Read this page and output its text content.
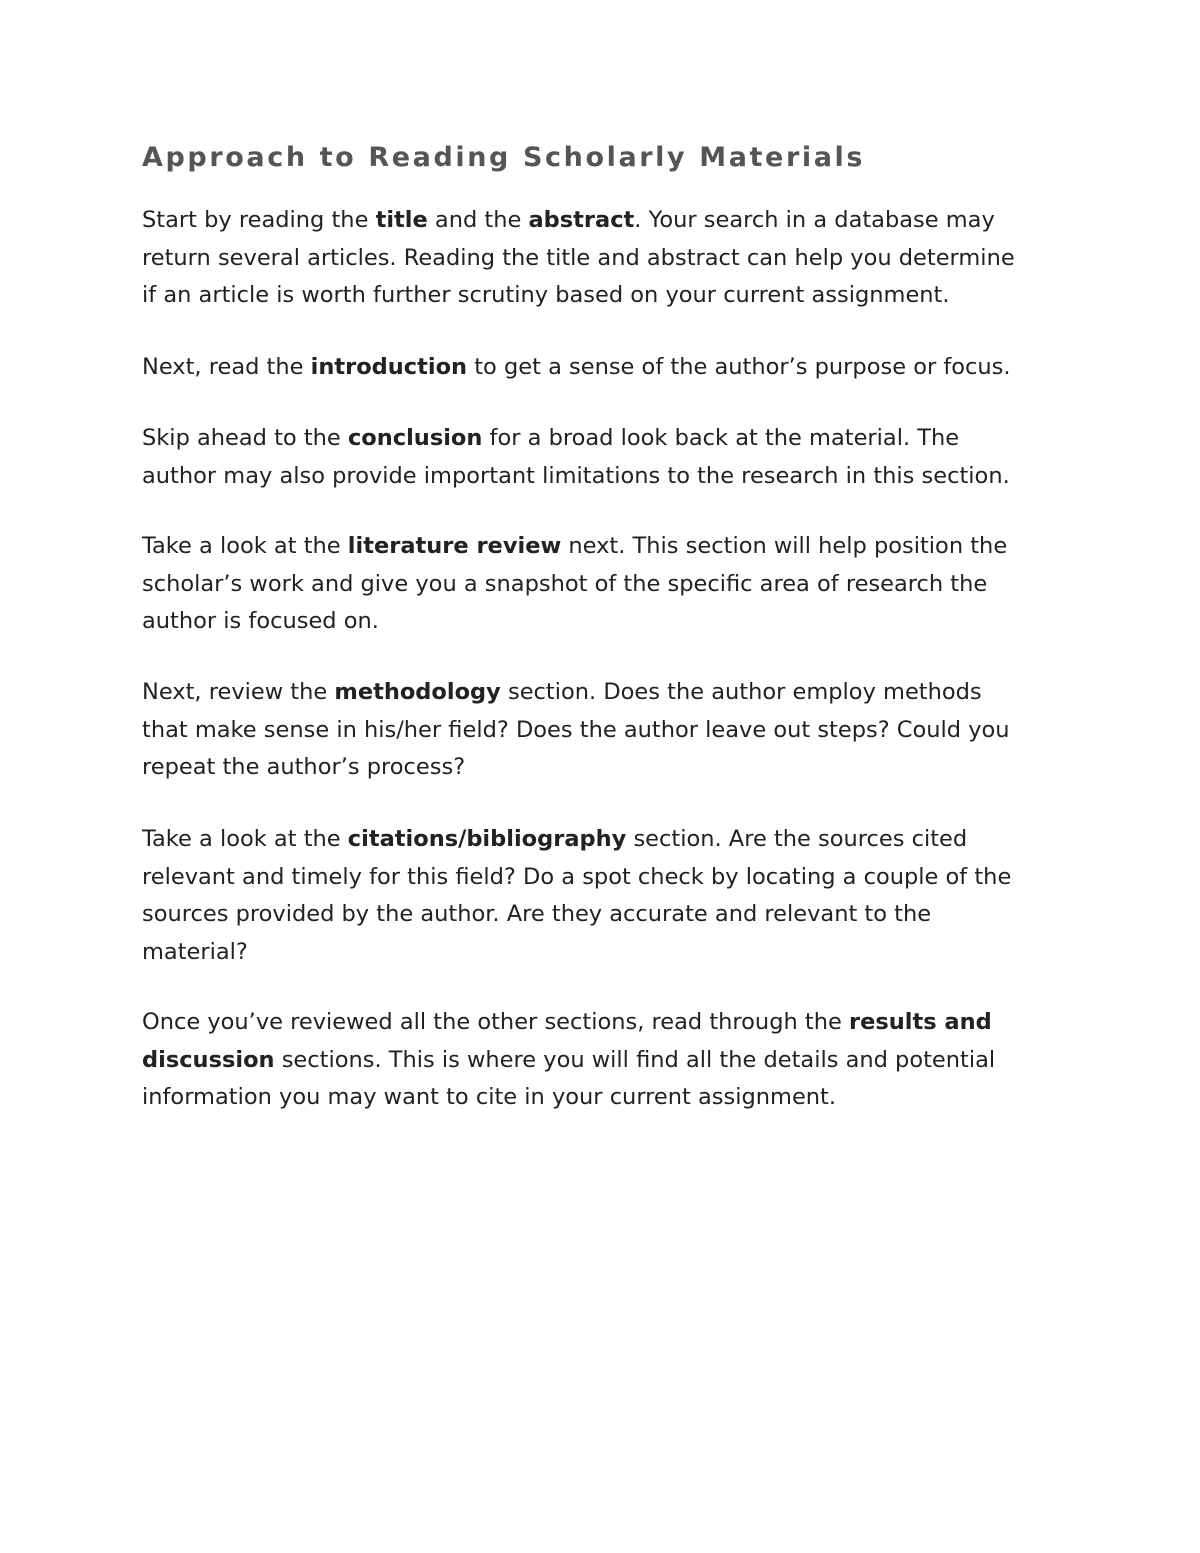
Approach to Reading Scholarly Materials

Start by reading the title and the abstract. Your search in a database may
return several articles. Reading the title and abstract can help you determine
if an article is worth further scrutiny based on your current assignment.

Next, read the introduction to get a sense of the author’s purpose or focus.

Skip ahead to the conclusion for a broad look back at the material. The
author may also provide important limitations to the research in this section.

Take a look at the literature review next. This section will help position the
scholar’s work and give you a snapshot of the specific area of research the
author is focused on.

Next, review the methodology section. Does the author employ methods
that make sense in his/her field? Does the author leave out steps? Could you
repeat the author’s process?

Take a look at the citations/bibliography section. Are the sources cited
relevant and timely for this field? Do a spot check by locating a couple of the
sources provided by the author. Are they accurate and relevant to the
material?

Once you’ve reviewed all the other sections, read through the results and
discussion sections. This is where you will find all the details and potential
information you may want to cite in your current assignment.
